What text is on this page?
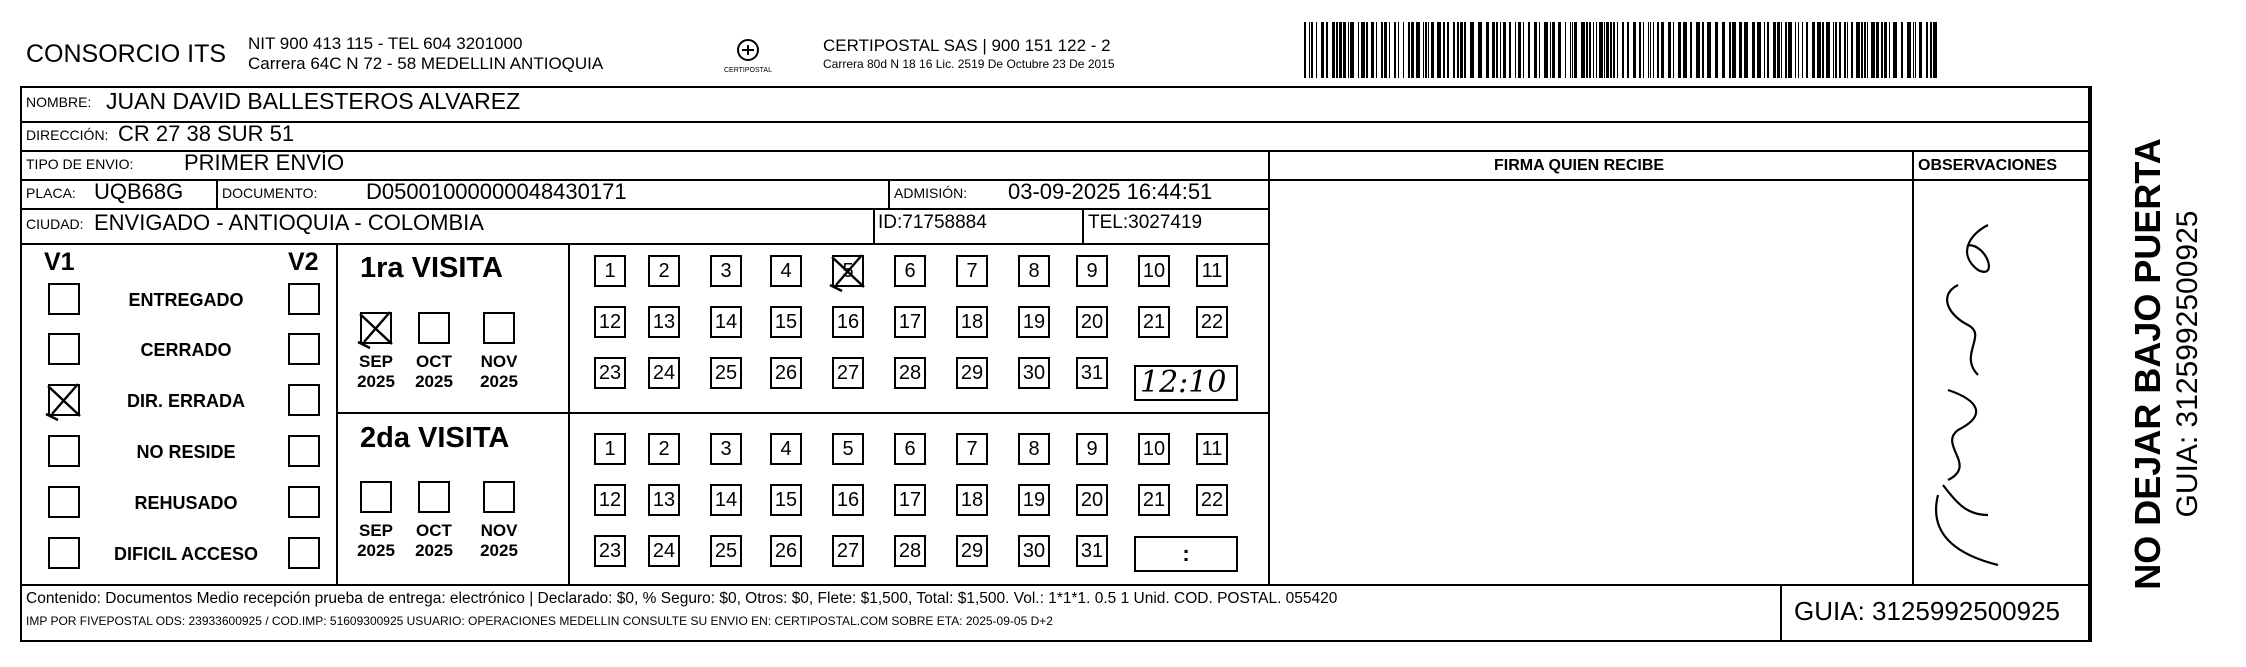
CONSORCIO ITS NIT 900 413 115 - TEL 604 3201000
Carrera 64C N 72 - 58 MEDELLIN ANTIOQUIA	CERTIPOSTAL
CERTIPOSTAL SAS | 900 151 122 - 2
Carrera 80d N 18 16 Lic. 2519 De Octubre 23 De 2015
NOMBRE: JUAN DAVID BALLESTEROS ALVAREZ
DIRECCIÓN: CR 27 38 SUR 51
TIPO DE ENVIO: PRIMER ENVÍO	FIRMA QUIEN RECIBE	OBSERVACIONES
PLACA: UQB68G	DOCUMENTO: D05001000000048430171	ADMISIÓN: 03-09-2025 16:44:51
CIUDAD: ENVIGADO - ANTIOQUIA - COLOMBIA	ID:71758884	TEL:3027419
V1	V2
ENTREGADO
CERRADO
DIR. ERRADA
NO RESIDE
REHUSADO
DIFICIL ACCESO
1ra VISITA
2da VISITA
SEP
2025
OCT
2025
NOV
2025
SEP
2025
OCT
2025
NOV
2025
1 2	3 4	5	6	7	8 9 10 11
12 13 14 15 16 17 18 19 20 21 22
23 24 25 26 27 28 29 30 31
1 2	3 4	5	6	7	8 9 10 11
12 13 14 15 16 17 18 19 20 21 22
23 24 25 26 27 28 29 30 31
12:10
:	NO DEJAR BAJO PUERTA GUIA: 3125992500925
Contenido: Documentos Medio recepción prueba de entrega: electrónico | Declarado: $0, % Seguro: $0, Otros: $0, Flete: $1,500, Total: $1,500. Vol.: 1*1*1. 0.5 1 Unid. COD. POSTAL. 055420
IMP POR FIVEPOSTAL ODS: 23933600925 / COD.IMP: 51609300925 USUARIO: OPERACIONES MEDELLIN CONSULTE SU ENVIO EN: CERTIPOSTAL.COM SOBRE ETA: 2025-09-05 D+2	GUIA: 3125992500925
